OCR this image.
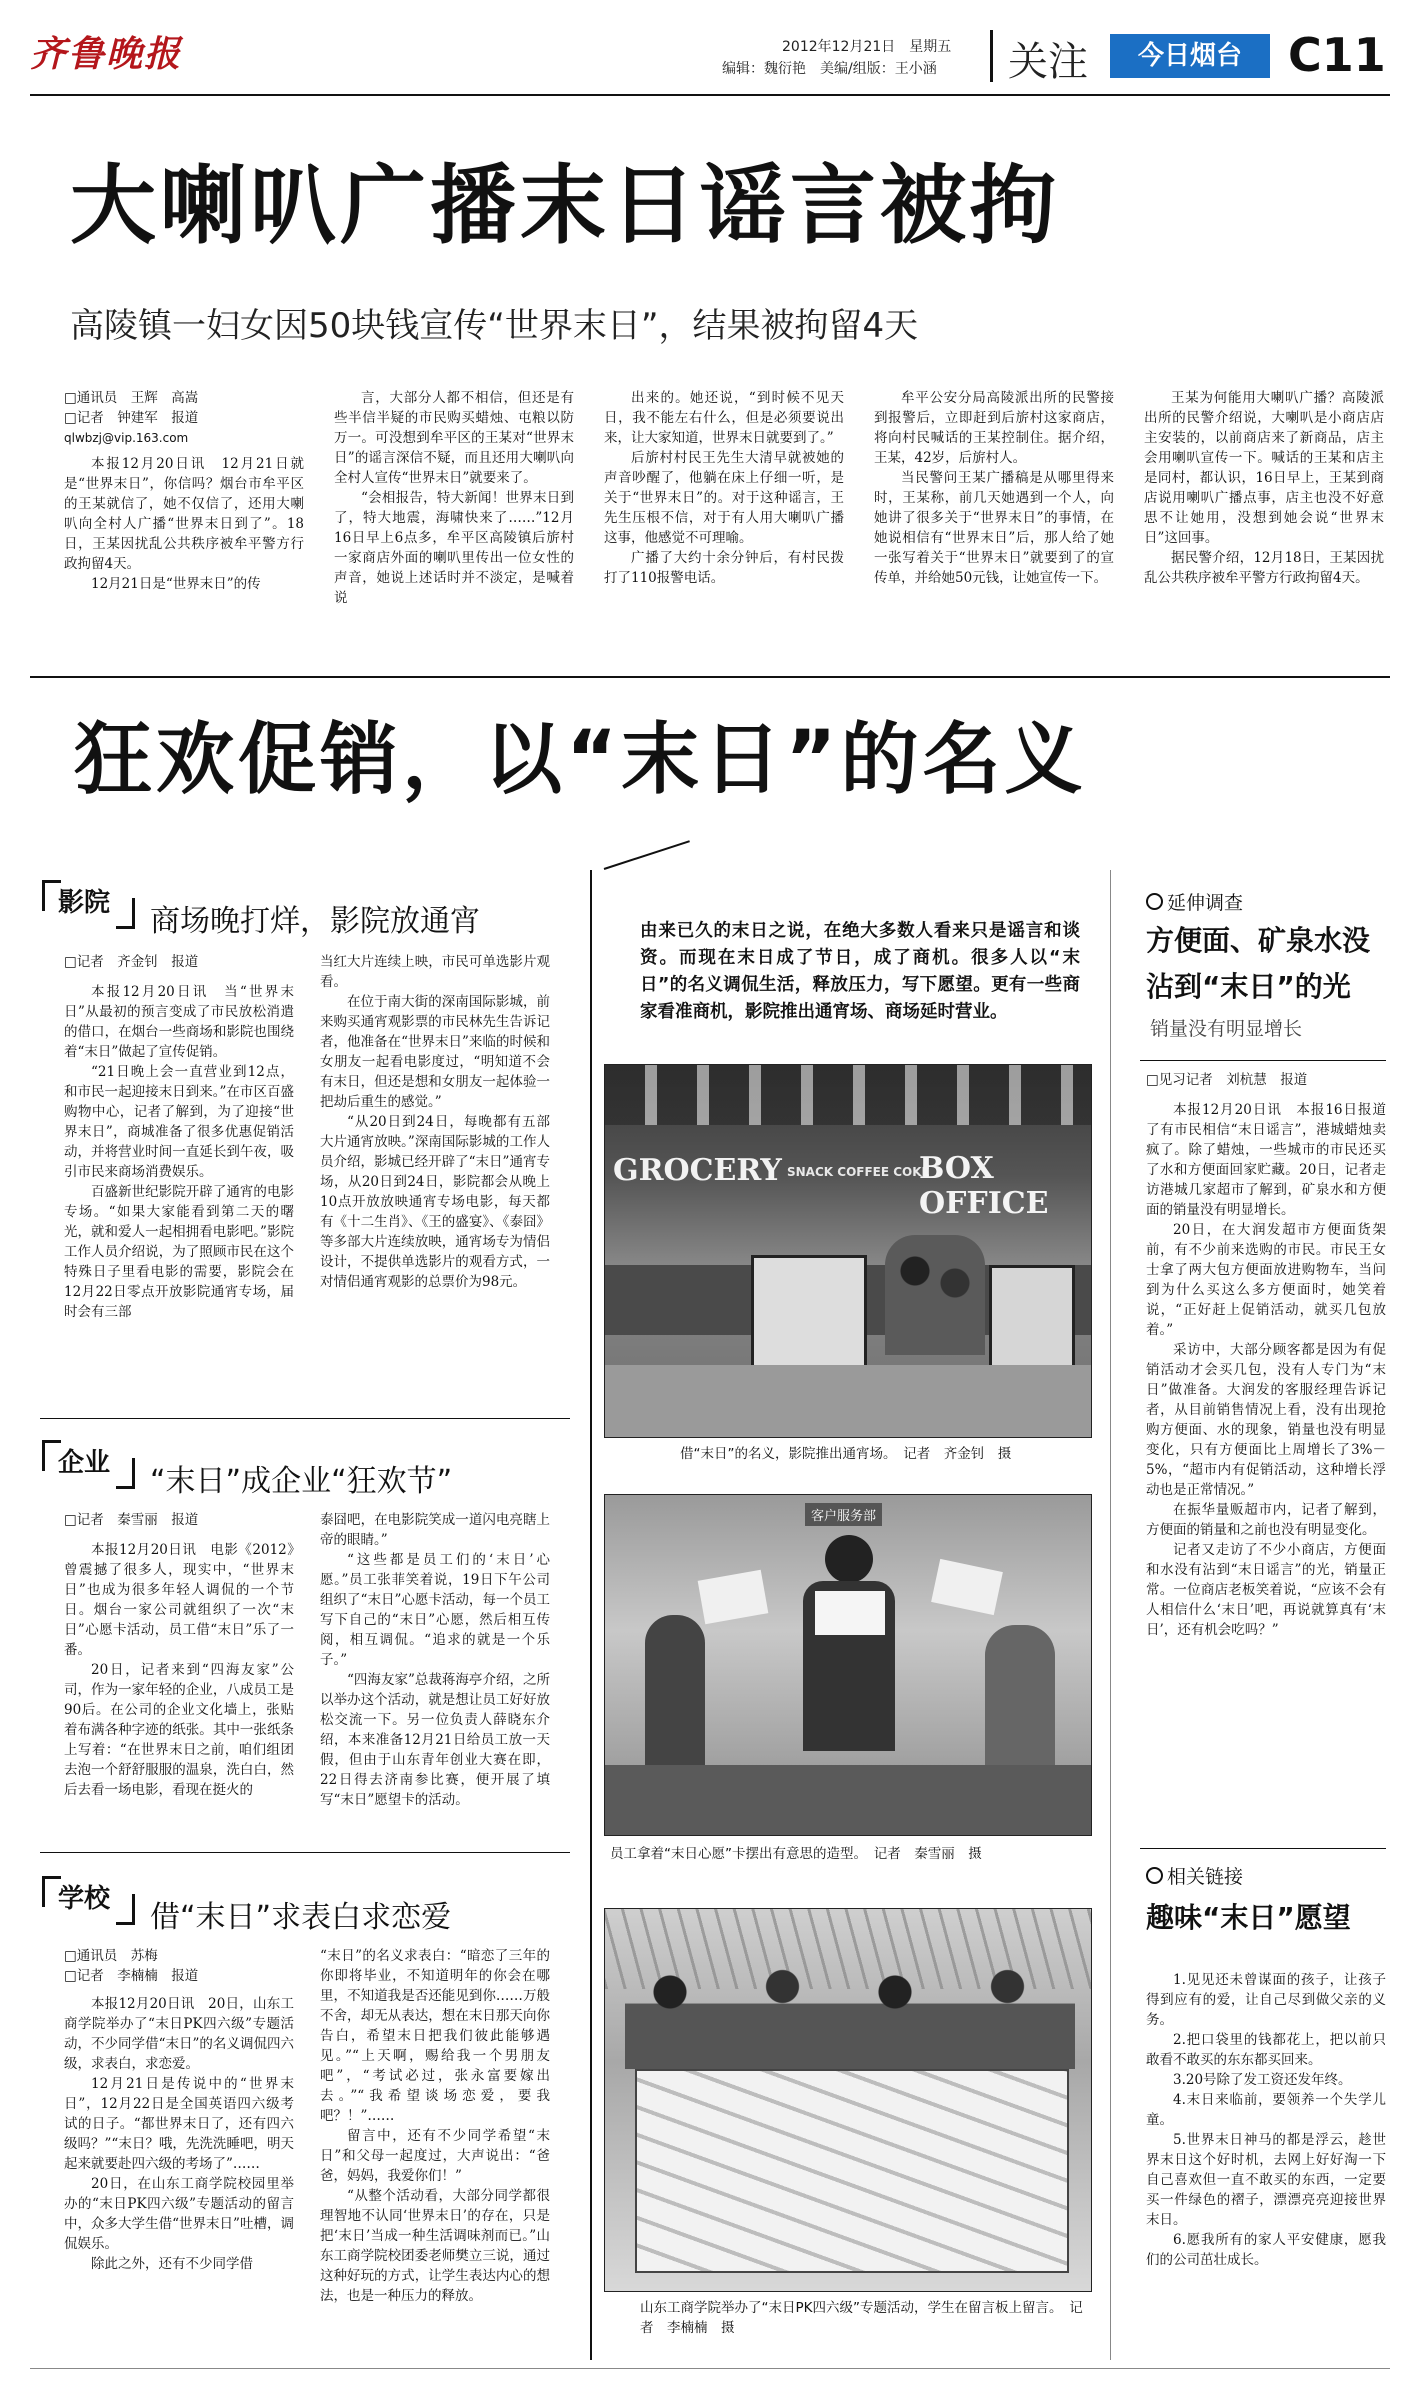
齐鲁晚报	2012年12月21日　星期五
编辑：魏衍艳　美编/组版：王小涵 关注	今日烟台	C11
大喇叭广播末日谣言被拘
高陵镇一妇女因50块钱宣传“世界末日”，结果被拘留4天
□通讯员　王辉　高嵩
□记者　钟建军　报道
qlwbzj@vip.163.com

本报12月20日讯　12月21日就是“世界末日”，你信吗？烟台市牟平区的王某就信了，她不仅信了，还用大喇叭向全村人广播“世界末日到了”。18日，王某因扰乱公共秩序被牟平警方行政拘留4天。

12月21日是“世界末日”的传

言，大部分人都不相信，但还是有些半信半疑的市民购买蜡烛、屯粮以防万一。可没想到牟平区的王某对“世界末日”的谣言深信不疑，而且还用大喇叭向全村人宣传“世界末日”就要来了。

“会相报告，特大新闻！世界末日到了，特大地震，海啸快来了……”12月16日早上6点多，牟平区高陵镇后旂村一家商店外面的喇叭里传出一位女性的声音，她说上述话时并不淡定，是喊着说

出来的。她还说，“到时候不见天日，我不能左右什么，但是必须要说出来，让大家知道，世界末日就要到了。”

后旂村村民王先生大清早就被她的声音吵醒了，他躺在床上仔细一听，是关于“世界末日”的。对于这种谣言，王先生压根不信，对于有人用大喇叭广播这事，他感觉不可理喻。

广播了大约十余分钟后，有村民拨打了110报警电话。

牟平公安分局高陵派出所的民警接到报警后，立即赶到后旂村这家商店，将向村民喊话的王某控制住。据介绍，王某，42岁，后旂村人。

当民警问王某广播稿是从哪里得来时，王某称，前几天她遇到一个人，向她讲了很多关于“世界末日”的事情，在她说相信有“世界末日”后，那人给了她一张写着关于“世界末日”就要到了的宣传单，并给她50元钱，让她宣传一下。

王某为何能用大喇叭广播？高陵派出所的民警介绍说，大喇叭是小商店店主安装的，以前商店来了新商品，店主会用喇叭宣传一下。喊话的王某和店主是同村，都认识，16日早上，王某到商店说用喇叭广播点事，店主也没不好意思不让她用，没想到她会说“世界末日”这回事。

据民警介绍，12月18日，王某因扰乱公共秩序被牟平警方行政拘留4天。

狂欢促销，以“末日”的名义
影院
商场晚打烊，影院放通宵
□记者　齐金钊　报道

本报12月20日讯　当“世界末日”从最初的预言变成了市民放松消遣的借口，在烟台一些商场和影院也围绕着“末日”做起了宣传促销。

“21日晚上会一直营业到12点，和市民一起迎接末日到来。”在市区百盛购物中心，记者了解到，为了迎接“世界末日”，商城准备了很多优惠促销活动，并将营业时间一直延长到午夜，吸引市民来商场消费娱乐。

百盛新世纪影院开辟了通宵的电影专场。“如果大家能看到第二天的曙光，就和爱人一起相拥看电影吧。”影院工作人员介绍说，为了照顾市民在这个特殊日子里看电影的需要，影院会在12月22日零点开放影院通宵专场，届时会有三部

当红大片连续上映，市民可单选影片观看。

在位于南大街的深南国际影城，前来购买通宵观影票的市民林先生告诉记者，他准备在“世界末日”来临的时候和女朋友一起看电影度过，“明知道不会有末日，但还是想和女朋友一起体验一把劫后重生的感觉。”

“从20日到24日，每晚都有五部大片通宵放映。”深南国际影城的工作人员介绍，影城已经开辟了“末日”通宵专场，从20日到24日，影院都会从晚上10点开放放映通宵专场电影，每天都有《十二生肖》、《王的盛宴》、《泰囧》等多部大片连续放映，通宵场专为情侣设计，不提供单选影片的观看方式，一对情侣通宵观影的总票价为98元。

企业
“末日”成企业“狂欢节”
□记者　秦雪丽　报道

本报12月20日讯　电影《2012》曾震撼了很多人，现实中，“世界末日”也成为很多年轻人调侃的一个节日。烟台一家公司就组织了一次“末日”心愿卡活动，员工借“末日”乐了一番。

20日，记者来到“四海友家”公司，作为一家年轻的企业，八成员工是90后。在公司的企业文化墙上，张贴着布满各种字迹的纸张。其中一张纸条上写着：“在世界末日之前，咱们组团去泡一个舒舒服服的温泉，洗白白，然后去看一场电影，看现在挺火的

泰囧吧，在电影院笑成一道闪电亮瞎上帝的眼睛。”

“这些都是员工们的‘末日’心愿。”员工张菲笑着说，19日下午公司组织了“末日”心愿卡活动，每一个员工写下自己的“末日”心愿，然后相互传阅，相互调侃。“追求的就是一个乐子。”

“四海友家”总裁蒋海亭介绍，之所以举办这个活动，就是想让员工好好放松交流一下。另一位负责人薛晓东介绍，本来准备12月21日给员工放一天假，但由于山东青年创业大赛在即，22日得去济南参比赛，便开展了填写“末日”愿望卡的活动。

学校
借“末日”求表白求恋爱
□通讯员　苏梅
□记者　李楠楠　报道

本报12月20日讯　20日，山东工商学院举办了“末日PK四六级”专题活动，不少同学借“末日”的名义调侃四六级，求表白，求恋爱。

12月21日是传说中的“世界末日”，12月22日是全国英语四六级考试的日子。“都世界末日了，还有四六级吗？”“末日？哦，先洗洗睡吧，明天起来就要赴四六级的考场了”……

20日，在山东工商学院校园里举办的“末日PK四六级”专题活动的留言中，众多大学生借“世界末日”吐槽，调侃娱乐。

除此之外，还有不少同学借

“末日”的名义求表白：“暗恋了三年的你即将毕业，不知道明年的你会在哪里，不知道我是否还能见到你……万般不舍，却无从表达，想在末日那天向你告白，希望末日把我们彼此能够遇见。”“上天啊，赐给我一个男朋友吧”，“考试必过，张永富要嫁出去。”“我希望谈场恋爱，要我吧？！”……

留言中，还有不少同学希望“末日”和父母一起度过，大声说出：“爸爸，妈妈，我爱你们！”

“从整个活动看，大部分同学都很理智地不认同‘世界末日’的存在，只是把‘末日’当成一种生活调味剂而已。”山东工商学院校团委老师樊立三说，通过这种好玩的方式，让学生表达内心的想法，也是一种压力的释放。

由来已久的末日之说，在绝大多数人看来只是谣言和谈资。而现在末日成了节日，成了商机。很多人以“末日”的名义调侃生活，释放压力，写下愿望。更有一些商家看准商机，影院推出通宵场、商场延时营业。
GROCERY SNACK COFFEE COKE
BOX OFFICE
借“末日”的名义，影院推出通宵场。　记者　齐金钊　摄
客户服务部
员工拿着“末日心愿”卡摆出有意思的造型。　记者　秦雪丽　摄
山东工商学院举办了“末日PK四六级”专题活动，学生在留言板上留言。　记者　李楠楠　摄
延伸调查
方便面、矿泉水没沾到“末日”的光
销量没有明显增长
□见习记者　刘杭慧　报道

本报12月20日讯　本报16日报道了有市民相信“末日谣言”，港城蜡烛卖疯了。除了蜡烛，一些城市的市民还买了水和方便面回家贮藏。20日，记者走访港城几家超市了解到，矿泉水和方便面的销量没有明显增长。

20日，在大润发超市方便面货架前，有不少前来选购的市民。市民王女士拿了两大包方便面放进购物车，当问到为什么买这么多方便面时，她笑着说，“正好赶上促销活动，就买几包放着。”

采访中，大部分顾客都是因为有促销活动才会买几包，没有人专门为“末日”做准备。大润发的客服经理告诉记者，从目前销售情况上看，没有出现抢购方便面、水的现象，销量也没有明显变化，只有方便面比上周增长了3%－5%，“超市内有促销活动，这种增长浮动也是正常情况。”

在振华量贩超市内，记者了解到，方便面的销量和之前也没有明显变化。

记者又走访了不少小商店，方便面和水没有沾到“末日谣言”的光，销量正常。一位商店老板笑着说，“应该不会有人相信什么‘末日’吧，再说就算真有‘末日’，还有机会吃吗？”

相关链接
趣味“末日”愿望

1.见见还未曾谋面的孩子，让孩子得到应有的爱，让自己尽到做父亲的义务。

2.把口袋里的钱都花上，把以前只敢看不敢买的东东都买回来。

3.20号除了发工资还发年终。

4.末日来临前，要领养一个失学儿童。

5.世界末日神马的都是浮云，趁世界末日这个好时机，去网上好好淘一下自己喜欢但一直不敢买的东西，一定要买一件绿色的褶子，漂漂亮亮迎接世界末日。

6.愿我所有的家人平安健康，愿我们的公司茁壮成长。
